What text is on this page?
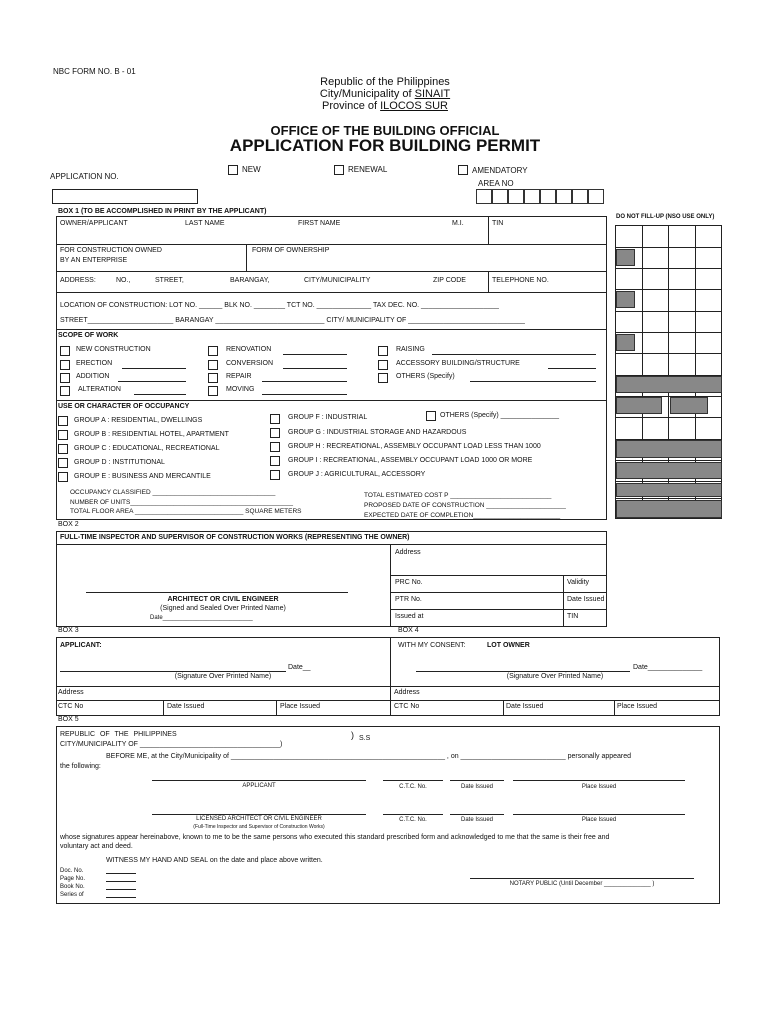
NBC FORM NO. B - 01
Republic of the Philippines
City/Municipality of SINAIT
Province of ILOCOS SUR
OFFICE OF THE BUILDING OFFICIAL
APPLICATION FOR BUILDING PERMIT
APPLICATION NO.
NEW	RENEWAL	AMENDATORY
AREA NO
BOX 1 (TO BE ACCOMPLISHED IN PRINT BY THE APPLICANT)
DO NOT FILL-UP (NSO USE ONLY)
OWNER/APPLICANT	LAST NAME	FIRST NAME	M.I.	TIN
FOR CONSTRUCTION OWNED
BY AN ENTERPRISE
FORM OF OWNERSHIP
ADDRESS:	NO.,	STREET,	BARANGAY,	CITY/MUNICIPALITY	ZIP CODE	TELEPHONE NO.
LOCATION OF CONSTRUCTION: LOT NO. ______ BLK NO. ________ TCT NO. ______________ TAX DEC. NO. ____________________
STREET______________________ BARANGAY ____________________________ CITY/ MUNICIPALITY OF ______________________________
SCOPE OF WORK
NEW CONSTRUCTION
ERECTION
ADDITION
ALTERATION
RENOVATION
CONVERSION
REPAIR
MOVING
RAISING
ACCESSORY BUILDING/STRUCTURE
OTHERS (Specify)
USE OR CHARACTER OF OCCUPANCY
GROUP A : RESIDENTIAL, DWELLINGS
GROUP B : RESIDENTIAL HOTEL, APARTMENT
GROUP C : EDUCATIONAL, RECREATIONAL
GROUP D : INSTITUTIONAL
GROUP E : BUSINESS AND MERCANTILE
GROUP F : INDUSTRIAL
GROUP G : INDUSTRIAL STORAGE AND HAZARDOUS
GROUP H : RECREATIONAL, ASSEMBLY OCCUPANT LOAD LESS THAN 1000
GROUP I : RECREATIONAL, ASSEMBLY OCCUPANT LOAD 1000 OR MORE
GROUP J : AGRICULTURAL, ACCESSORY
OTHERS (Specify) _______________
OCCUPANCY CLASSIFIED __________________________________
NUMBER OF UNITS_____________________________________________
TOTAL FLOOR AREA ______________________________ SQUARE METERS
TOTAL ESTIMATED COST P ____________________________
PROPOSED DATE OF CONSTRUCTION ______________________
EXPECTED DATE OF COMPLETION________________________
BOX 2
FULL-TIME INSPECTOR AND SUPERVISOR OF CONSTRUCTION WORKS (REPRESENTING THE OWNER)
Address
PRC No.	Validity
PTR No.	Date Issued
Issued at	TIN
ARCHITECT OR CIVIL ENGINEER
(Signed and Sealed Over Printed Name)
Date___________________________
BOX 3	BOX 4
APPLICANT:
Date__
(Signature Over Printed Name)
WITH MY CONSENT:	LOT OWNER
Date______________
(Signature Over Printed Name)
Address	Address
CTC No	Date Issued	Place Issued	CTC No	Date Issued	Place Issued
BOX 5
REPUBLIC OF THE PHILIPPINES
CITY/MUNICIPALITY OF ____________________________________)
) S.S
BEFORE ME, at the City/Municipality of _______________________________________________________ , on ___________________________ personally appeared
the following:
APPLICANT	C.T.C. No.	Date Issued	Place Issued
LICENSED ARCHITECT OR CIVIL ENGINEER
(Full-Time Inspector and Supervisor of Construction Works)
C.T.C. No.	Date Issued	Place Issued
whose signatures appear hereinabove, known to me to be the same persons who executed this standard prescribed form and acknowledged to me that the same is their free and
voluntary act and deed.
WITNESS MY HAND AND SEAL on the date and place above written.
Doc. No.
Page No.
Book No.
Series of
NOTARY PUBLIC (Until December ______________ )
